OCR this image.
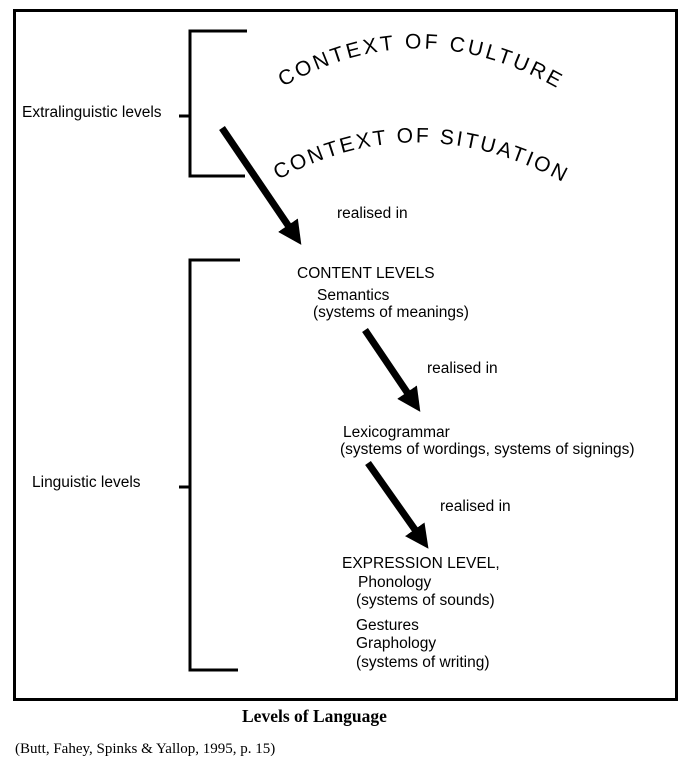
CONTEXT OF CULTURE
CONTEXT OF SITUATION
Extralinguistic levels
Linguistic levels
realised in
realised in
realised in
CONTENT LEVELS
Semantics
(systems of meanings)
Lexicogrammar
(systems of wordings, systems of signings)
EXPRESSION LEVEL,
Phonology
(systems of sounds)
Gestures
Graphology
(systems of writing)
Levels of Language
(Butt, Fahey, Spinks & Yallop, 1995, p. 15)
